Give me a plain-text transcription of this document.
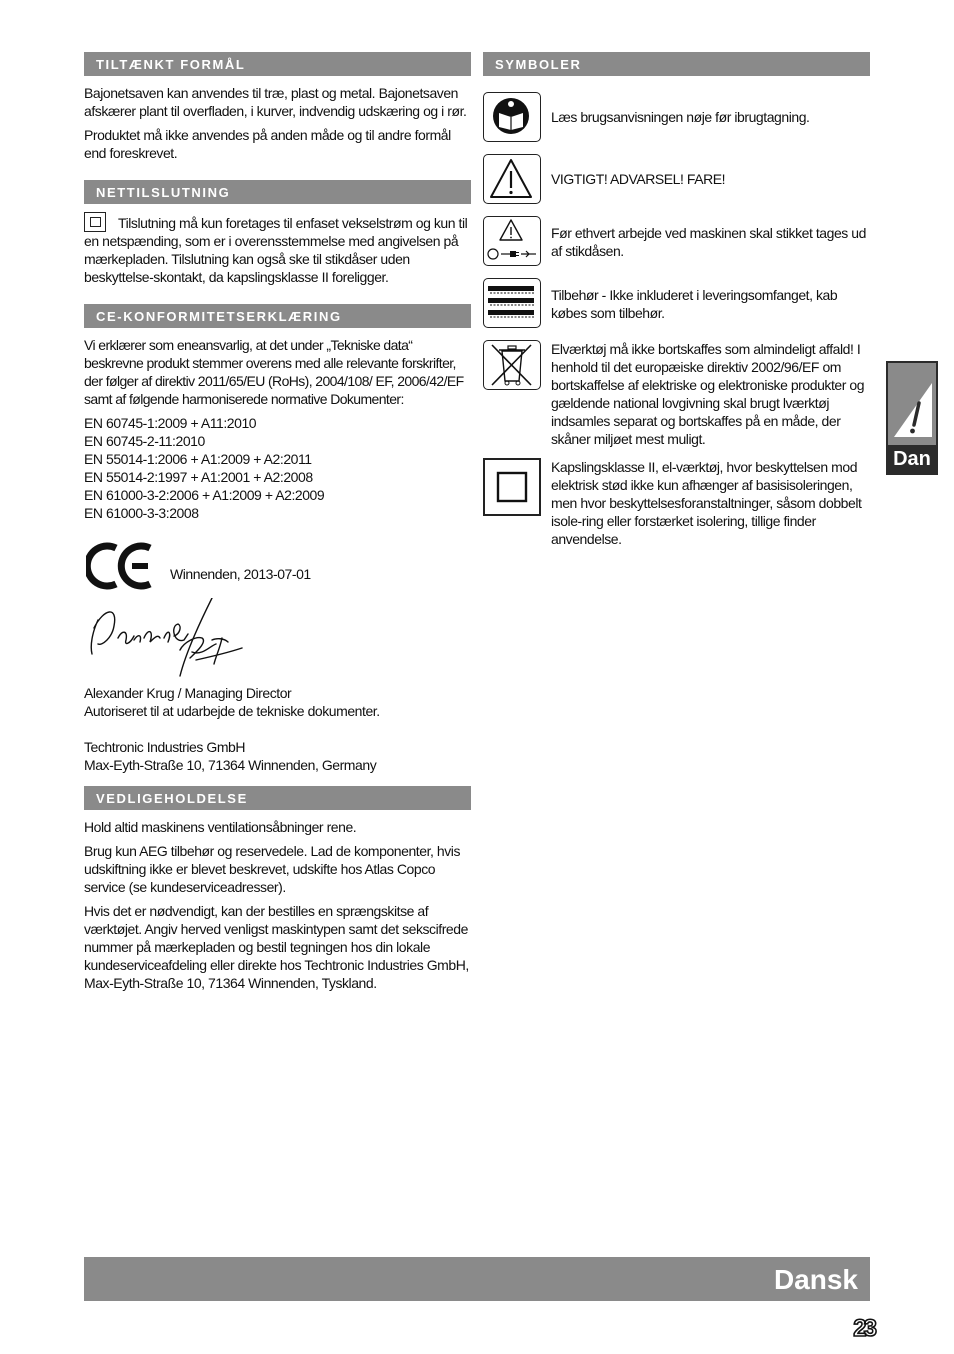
TILTÆNKT FORMÅL

Bajonetsaven kan anvendes til træ, plast og metal. Bajonetsaven afskærer plant til overfladen, i kurver, indvendig udskæring og i rør.

Produktet må ikke anvendes på anden måde og til andre formål end foreskrevet.

NETTILSLUTNING

Tilslutning må kun foretages til enfaset vekselstrøm og kun til en netspænding, som er i overensstemmelse med angivelsen på mærkepladen. Tilslutning kan også ske til stikdåser uden beskyttelse-skontakt, da kapslingsklasse II foreligger.

CE-KONFORMITETSERKLÆRING

Vi erklærer som eneansvarlig, at det under „Tekniske data“ beskrevne produkt stemmer overens med alle relevante forskrifter, der følger af direktiv 2011/65/EU (RoHs), 2004/108/ EF, 2006/42/EF samt af følgende harmoniserede normative Dokumenter:

EN 60745-1:2009 + A11:2010

EN 60745-2-11:2010

EN 55014-1:2006 + A1:2009 + A2:2011

EN 55014-2:1997 + A1:2001 + A2:2008

EN 61000-3-2:2006 + A1:2009 + A2:2009

EN 61000-3-3:2008

Winnenden, 2013-07-01

Alexander Krug / Managing Director

Autoriseret til at udarbejde de tekniske dokumenter.

Techtronic Industries GmbH

Max-Eyth-Straße 10, 71364 Winnenden, Germany

VEDLIGEHOLDELSE

Hold altid maskinens ventilationsåbninger rene.

Brug kun AEG tilbehør og reservedele. Lad de komponenter, hvis udskiftning ikke er blevet beskrevet, udskifte hos Atlas Copco service (se kundeserviceadresser).

Hvis det er nødvendigt, kan der bestilles en sprængskitse af værktøjet. Angiv herved venligst maskintypen samt det sekscifrede nummer på mærkepladen og bestil tegningen hos din lokale kundeserviceafdeling eller direkte hos Techtronic Industries GmbH, Max-Eyth-Straße 10, 71364 Winnenden, Tyskland.

SYMBOLER

Læs brugsanvisningen nøje før ibrugtagning.

VIGTIGT! ADVARSEL! FARE!

Før ethvert arbejde ved maskinen skal stikket tages ud af stikdåsen.

Tilbehør - Ikke inkluderet i leveringsomfanget, kab købes som tilbehør.

Elværktøj må ikke bortskaffes som almindeligt affald! I henhold til det europæiske direktiv 2002/96/EF om bortskaffelse af elektriske og elektroniske produkter og gældende national lovgivning skal brugt lværktøj indsamles separat og bortskaffes på en måde, der skåner miljøet mest muligt.

Kapslingsklasse II, el-værktøj, hvor beskyttelsen mod elektrisk stød ikke kun afhænger af basisisoleringen, men hvor beskyttelsesforanstaltninger, såsom dobbelt isole-ring eller forstærket isolering, tillige finder anvendelse.

Dan
Dansk
23
